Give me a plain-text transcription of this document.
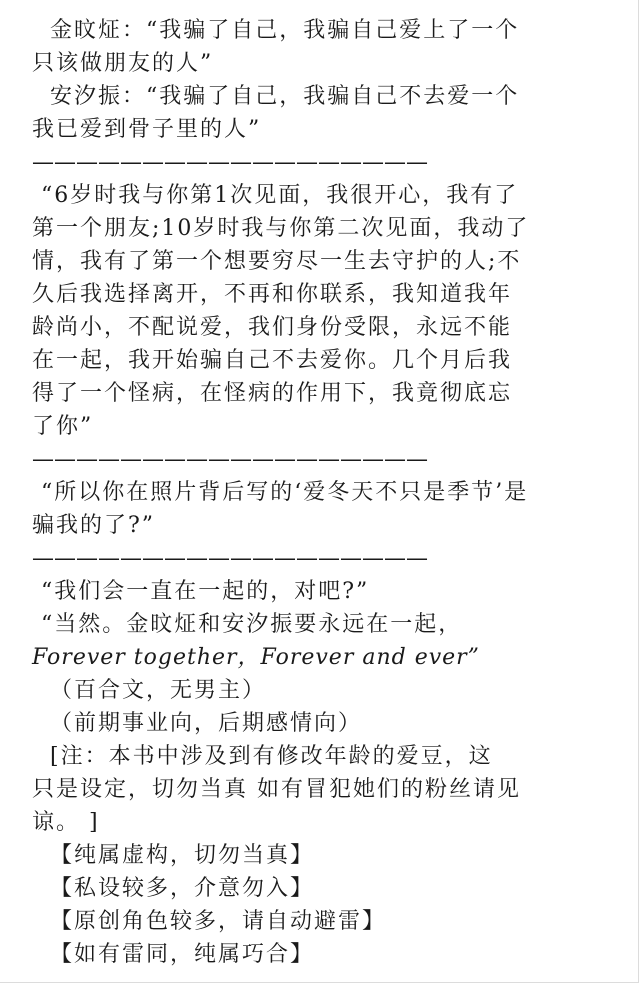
金旼炡：“我骗了自己，我骗自己爱上了一个

只该做朋友的人”

安汐振：“我骗了自己，我骗自己不去爱一个

我已爱到骨子里的人”

——————————————————

“6岁时我与你第1次见面，我很开心，我有了

第一个朋友;10岁时我与你第二次见面，我动了

情，我有了第一个想要穷尽一生去守护的人;不

久后我选择离开，不再和你联系，我知道我年

龄尚小，不配说爱，我们身份受限，永远不能

在一起，我开始骗自己不去爱你。几个月后我

得了一个怪病，在怪病的作用下，我竟彻底忘

了你”

——————————————————

“所以你在照片背后写的‘爱冬天不只是季节’是

骗我的了?”

——————————————————

“我们会一直在一起的，对吧?”

“当然。金旼炡和安汐振要永远在一起，

Forever together，Forever and ever”

（百合文，无男主）

（前期事业向，后期感情向）

[注：本书中涉及到有修改年龄的爱豆，这

只是设定，切勿当真 如有冒犯她们的粉丝请见

谅。 ]

【纯属虚构，切勿当真】

【私设较多，介意勿入】

【原创角色较多，请自动避雷】

【如有雷同，纯属巧合】
